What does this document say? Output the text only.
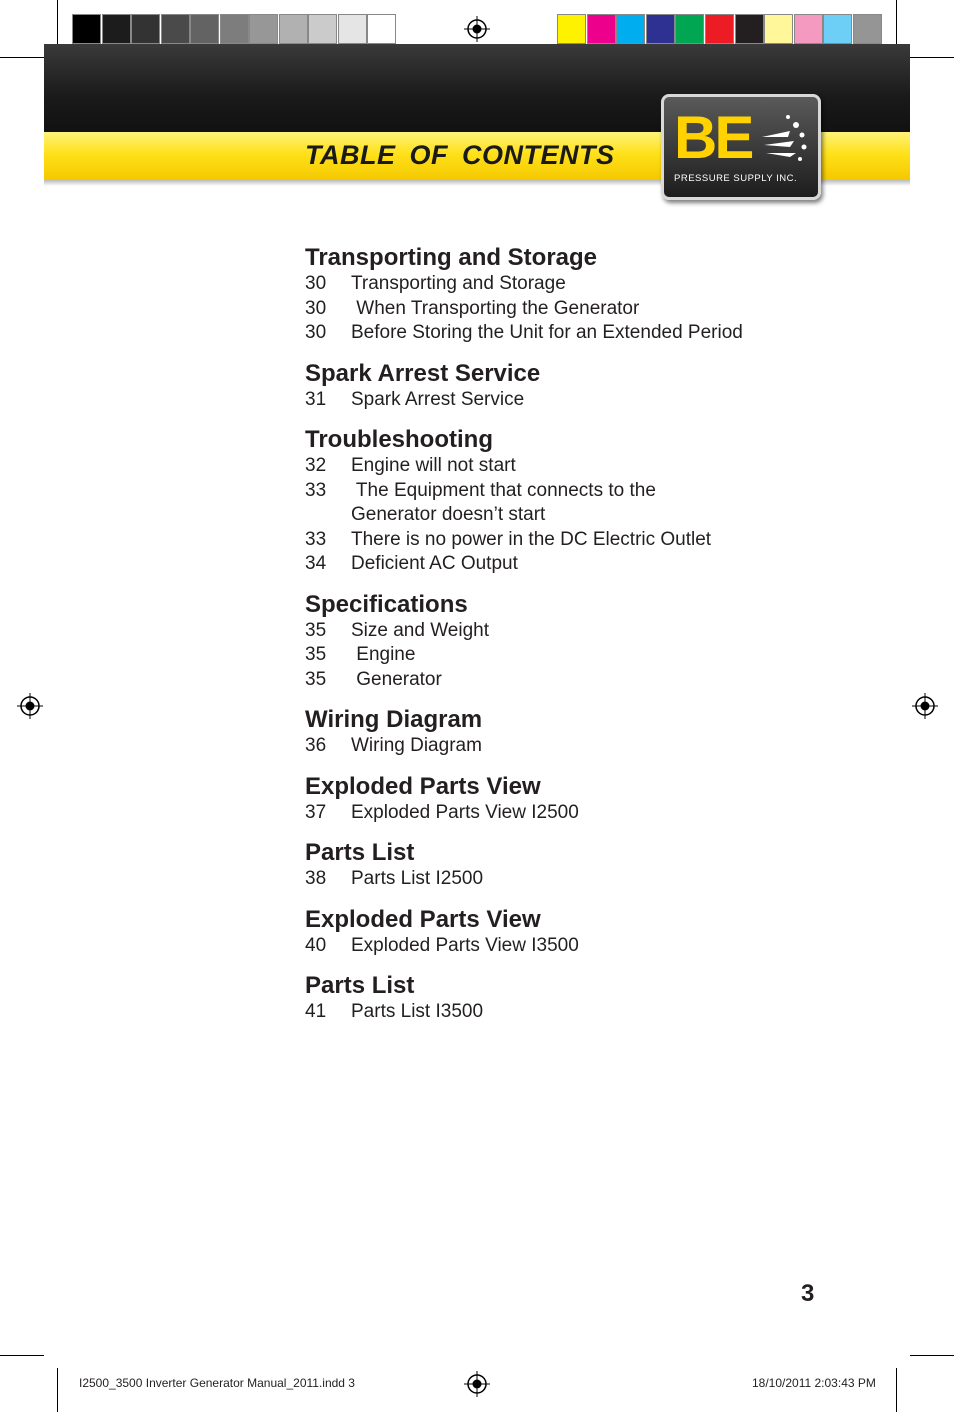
TABLE OF CONTENTS BE
PRESSURE SUPPLY INC.
Transporting and Storage
30	Transporting and Storage
30	When Transporting the Generator
30	Before Storing the Unit for an Extended Period
Spark Arrest Service
31	Spark Arrest Service
Troubleshooting
32	Engine will not start
33	The Equipment that connects to the
Generator doesn’t start
33	There is no power in the DC Electric Outlet
34	Deficient AC Output
Specifications
35	Size and Weight
35	Engine
35	Generator
Wiring Diagram
36	Wiring Diagram
Exploded Parts View
37	Exploded Parts View I2500
Parts List
38	Parts List I2500
Exploded Parts View
40	Exploded Parts View I3500
Parts List
41	Parts List I3500
3
I2500_3500 Inverter Generator Manual_2011.indd 3	18/10/2011 2:03:43 PM
